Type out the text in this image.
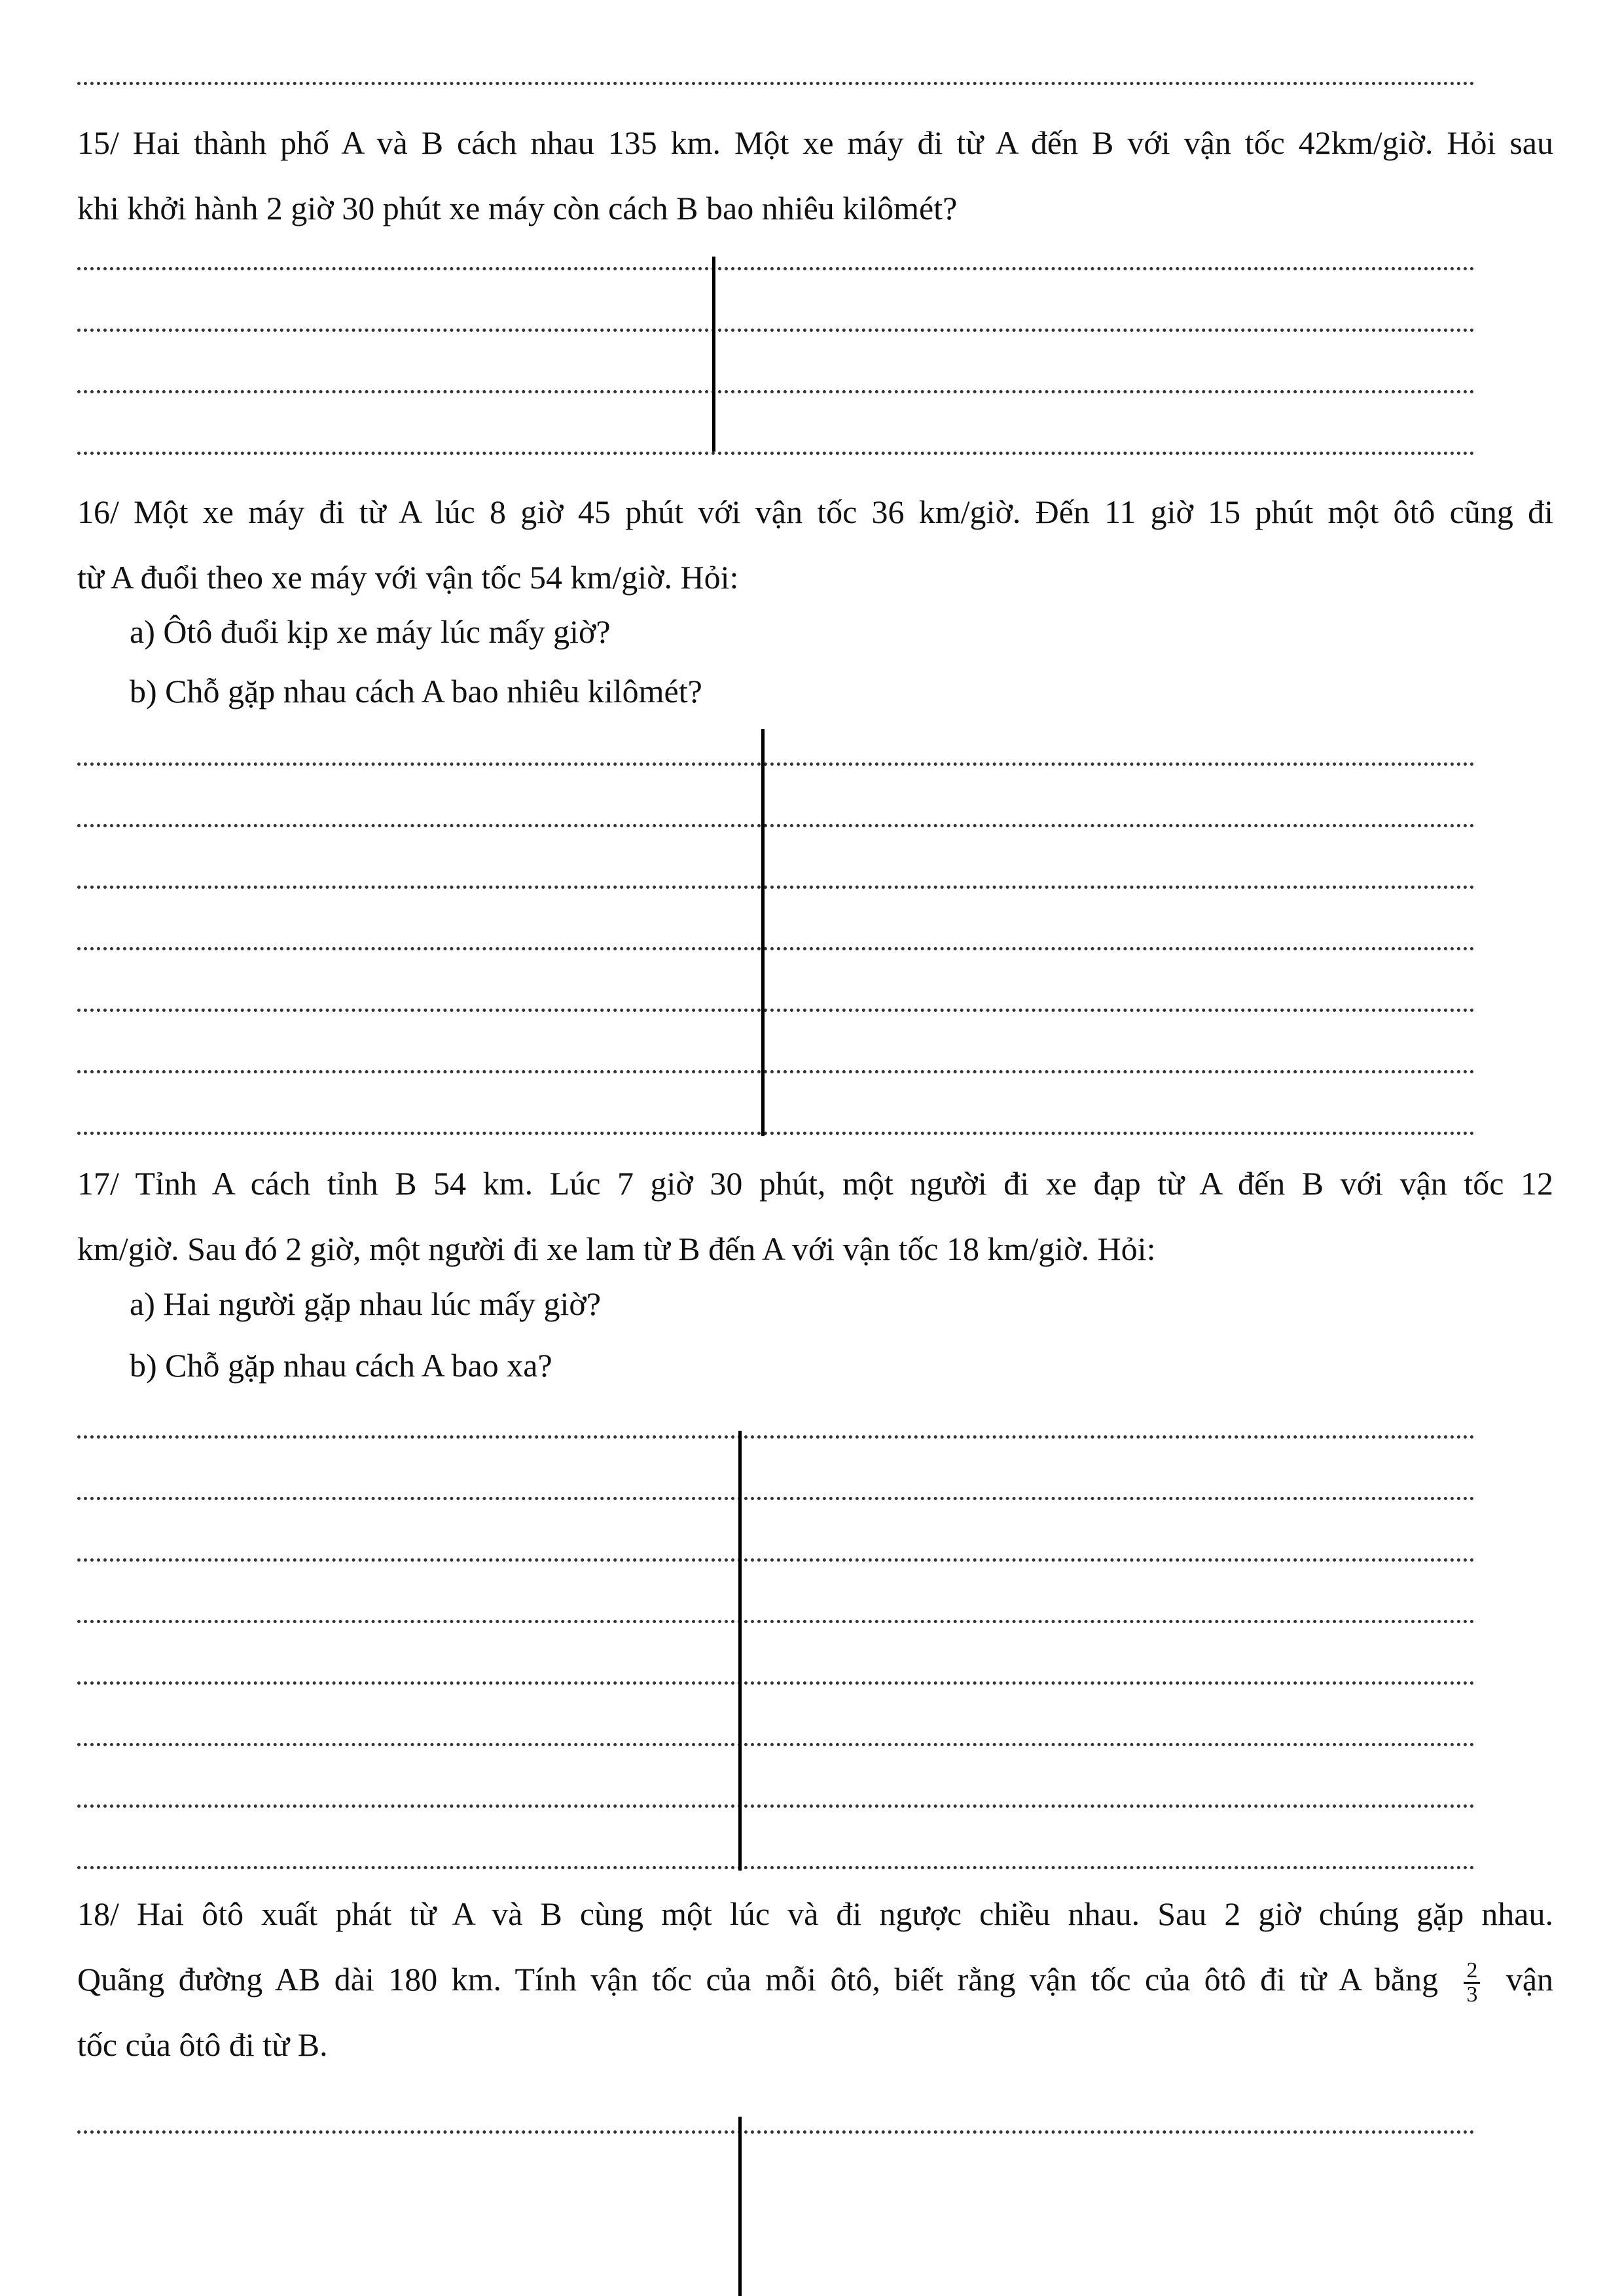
15/ Hai thành phố A và B cách nhau 135 km. Một xe máy đi từ A đến B với vận tốc 42km/giờ. Hỏi sau
khi khởi hành 2 giờ 30 phút xe máy còn cách B bao nhiêu kilômét?
16/ Một xe máy đi từ A lúc 8 giờ 45 phút với vận tốc 36 km/giờ. Đến 11 giờ 15 phút một ôtô cũng đi
từ A đuổi theo xe máy với vận tốc 54 km/giờ. Hỏi:
a) Ôtô đuổi kịp xe máy lúc mấy giờ?
b) Chỗ gặp nhau cách A bao nhiêu kilômét?
17/ Tỉnh A cách tỉnh B 54 km. Lúc 7 giờ 30 phút, một người đi xe đạp từ A đến B với vận tốc 12
km/giờ. Sau đó 2 giờ, một người đi xe lam từ B đến A với vận tốc 18 km/giờ. Hỏi:
a) Hai người gặp nhau lúc mấy giờ?
b) Chỗ gặp nhau cách A bao xa?
18/ Hai ôtô xuất phát từ A và B cùng một lúc và đi ngược chiều nhau. Sau 2 giờ chúng gặp nhau.
Quãng đường AB dài 180 km. Tính vận tốc của mỗi ôtô, biết rằng vận tốc của ôtô đi từ A bằng $\frac{2}{3}$ vận
tốc của ôtô đi từ B.
